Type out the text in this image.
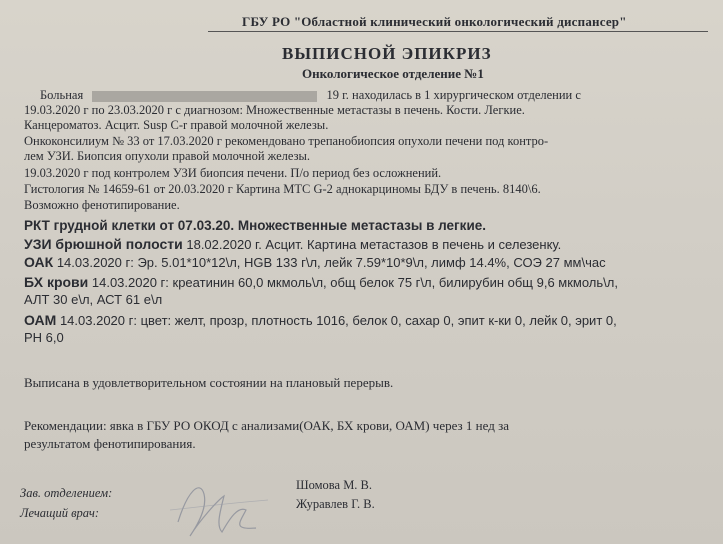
ГБУ РО "Областной клинический онкологический диспансер"
ВЫПИСНОЙ ЭПИКРИЗ
Онкологическое отделение №1
Больная	19 г. находилась в 1 хирургическом отделении с
19.03.2020 г по 23.03.2020 г с диагнозом: Множественные метастазы в печень. Кости. Легкие.
Канцероматоз. Асцит. Susp C-r правой молочной железы.
Онкоконсилиум № 33 от 17.03.2020 г рекомендовано трепанобиопсия опухоли печени под контро-
лем УЗИ. Биопсия опухоли правой молочной железы.
19.03.2020 г под контролем УЗИ биопсия печени. П/о период без осложнений.
Гистология № 14659-61 от 20.03.2020 г Картина МТС G-2 аднокарциномы БДУ в печень. 8140\6.
Возможно фенотипирование.
РКТ грудной клетки от 07.03.20. Множественные метастазы в легкие.
УЗИ брюшной полости 18.02.2020 г. Асцит. Картина метастазов в печень и селезенку.
ОАК 14.03.2020 г: Эр. 5.01*10*12\л, HGB 133 г\л, лейк 7.59*10*9\л, лимф 14.4%, СОЭ 27 мм\час
БХ крови 14.03.2020 г: креатинин 60,0 мкмоль\л, общ белок 75 г\л, билирубин общ 9,6 мкмоль\л,
АЛТ 30 е\л, АСТ 61 е\л
ОАМ 14.03.2020 г: цвет: желт, прозр, плотность 1016, белок 0, сахар 0, эпит к-ки 0, лейк 0, эрит 0,
PH 6,0
Выписана в удовлетворительном состоянии на плановый перерыв.
Рекомендации: явка в ГБУ РО ОКОД с анализами(ОАК, БХ крови, ОАМ) через 1 нед за
результатом фенотипирования.
Зав. отделением:
Лечащий врач:
Шомова М. В.
Журавлев Г. В.
